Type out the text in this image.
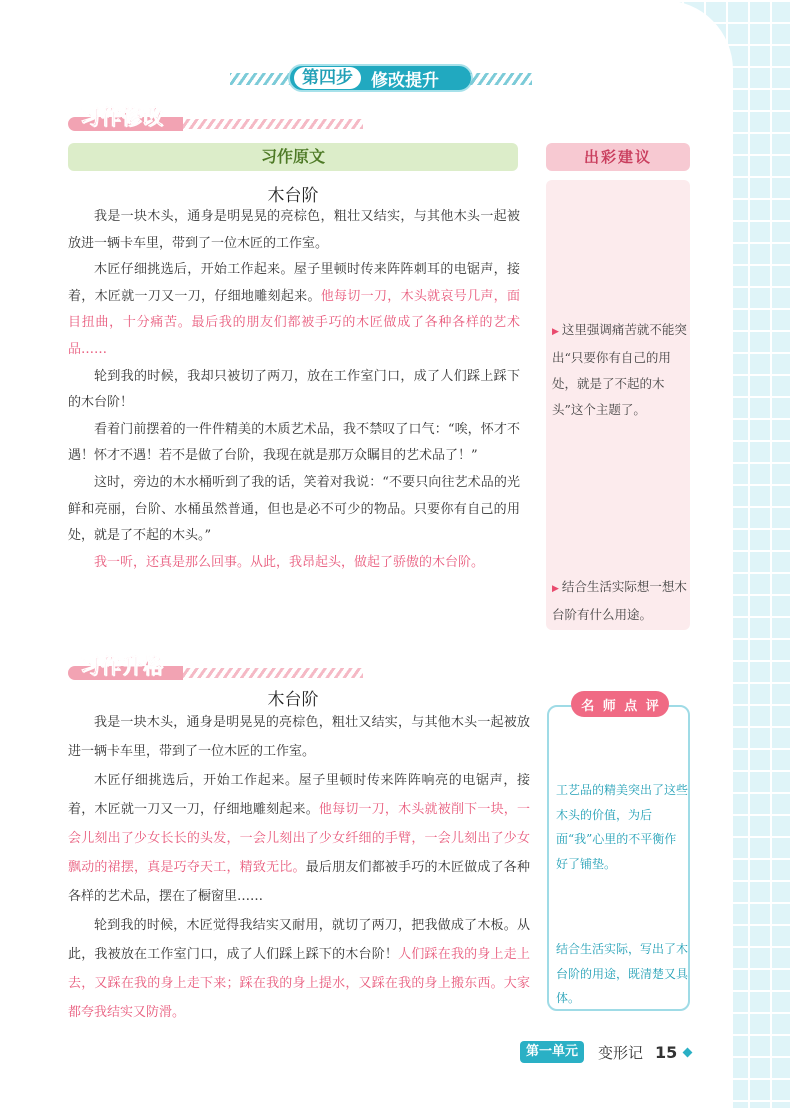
第四步	修改提升
习作修改
习作原文	出彩建议
木台阶

我是一块木头，通身是明晃晃的亮棕色，粗壮又结实，与其他木头一起被放进一辆卡车里，带到了一位木匠的工作室。

木匠仔细挑选后，开始工作起来。屋子里顿时传来阵阵刺耳的电锯声，接着，木匠就一刀又一刀，仔细地雕刻起来。他每切一刀，木头就哀号几声，面目扭曲，十分痛苦。最后我的朋友们都被手巧的木匠做成了各种各样的艺术品……

轮到我的时候，我却只被切了两刀，放在工作室门口，成了人们踩上踩下的木台阶！

看着门前摆着的一件件精美的木质艺术品，我不禁叹了口气：“唉，怀才不遇！怀才不遇！若不是做了台阶，我现在就是那万众瞩目的艺术品了！”

这时，旁边的木水桶听到了我的话，笑着对我说：“不要只向往艺术品的光鲜和亮丽，台阶、水桶虽然普通，但也是必不可少的物品。只要你有自己的用处，就是了不起的木头。”

我一听，还真是那么回事。从此，我昂起头，做起了骄傲的木台阶。

▶ 这里强调痛苦就不能突出“只要你有自己的用处，就是了不起的木头”这个主题了。
▶ 结合生活实际想一想木台阶有什么用途。
习作升格
木台阶

我是一块木头，通身是明晃晃的亮棕色，粗壮又结实，与其他木头一起被放进一辆卡车里，带到了一位木匠的工作室。

木匠仔细挑选后，开始工作起来。屋子里顿时传来阵阵响亮的电锯声，接着，木匠就一刀又一刀，仔细地雕刻起来。他每切一刀，木头就被削下一块，一会儿刻出了少女长长的头发，一会儿刻出了少女纤细的手臂，一会儿刻出了少女飘动的裙摆，真是巧夺天工，精致无比。最后朋友们都被手巧的木匠做成了各种各样的艺术品，摆在了橱窗里……

轮到我的时候，木匠觉得我结实又耐用，就切了两刀，把我做成了木板。从此，我被放在工作室门口，成了人们踩上踩下的木台阶！人们踩在我的身上走上去，又踩在我的身上走下来；踩在我的身上提水，又踩在我的身上搬东西。大家都夸我结实又防滑。

名 师 点 评
工艺品的精美突出了这些木头的价值，为后面“我”心里的不平衡作好了铺垫。
结合生活实际，写出了木台阶的用途，既清楚又具体。
第一单元	变形记 15
